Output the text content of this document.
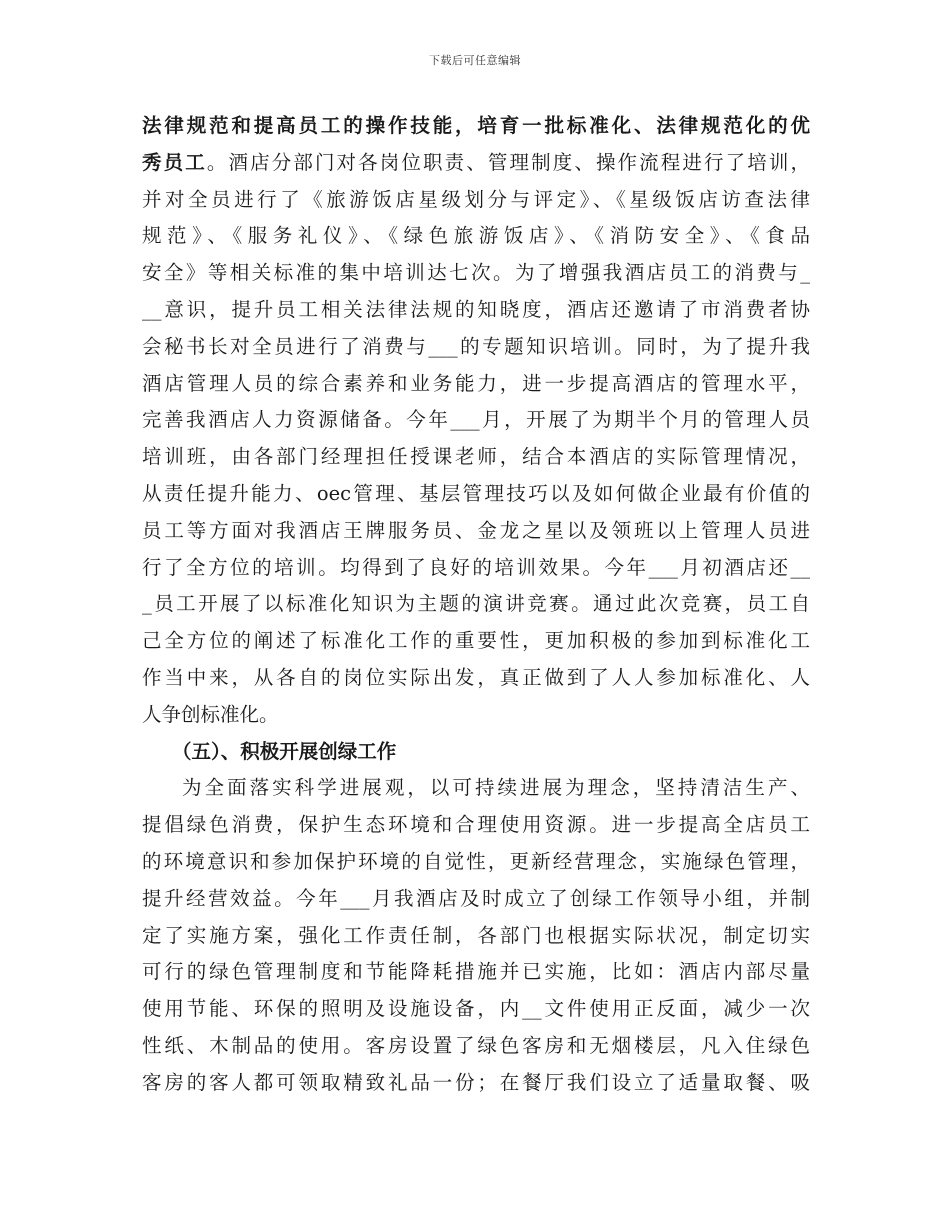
下载后可任意编辑
法律规范和提高员工的操作技能，培育一批标准化、法律规范化的优
秀员工。酒店分部门对各岗位职责、管理制度、操作流程进行了培训，
并对全员进行了《旅游饭店星级划分与评定》、《星级饭店访查法律
规范》、《服务礼仪》、《绿色旅游饭店》、《消防安全》、《食品
安全》等相关标准的集中培训达七次。为了增强我酒店员工的消费与_
__意识，提升员工相关法律法规的知晓度，酒店还邀请了市消费者协
会秘书长对全员进行了消费与___的专题知识培训。同时，为了提升我
酒店管理人员的综合素养和业务能力，进一步提高酒店的管理水平，
完善我酒店人力资源储备。今年___月，开展了为期半个月的管理人员
培训班，由各部门经理担任授课老师，结合本酒店的实际管理情况，
从责任提升能力、oec管理、基层管理技巧以及如何做企业最有价值的
员工等方面对我酒店王牌服务员、金龙之星以及领班以上管理人员进
行了全方位的培训。均得到了良好的培训效果。今年___月初酒店还__
_员工开展了以标准化知识为主题的演讲竞赛。通过此次竞赛，员工自
己全方位的阐述了标准化工作的重要性，更加积极的参加到标准化工
作当中来，从各自的岗位实际出发，真正做到了人人参加标准化、人
人争创标准化。
（五）、积极开展创绿工作
为全面落实科学进展观，以可持续进展为理念，坚持清洁生产、
提倡绿色消费，保护生态环境和合理使用资源。进一步提高全店员工
的环境意识和参加保护环境的自觉性，更新经营理念，实施绿色管理，
提升经营效益。今年___月我酒店及时成立了创绿工作领导小组，并制
定了实施方案，强化工作责任制，各部门也根据实际状况，制定切实
可行的绿色管理制度和节能降耗措施并已实施，比如：酒店内部尽量
使用节能、环保的照明及设施设备，内__文件使用正反面，减少一次
性纸、木制品的使用。客房设置了绿色客房和无烟楼层，凡入住绿色
客房的客人都可领取精致礼品一份；在餐厅我们设立了适量取餐、吸
